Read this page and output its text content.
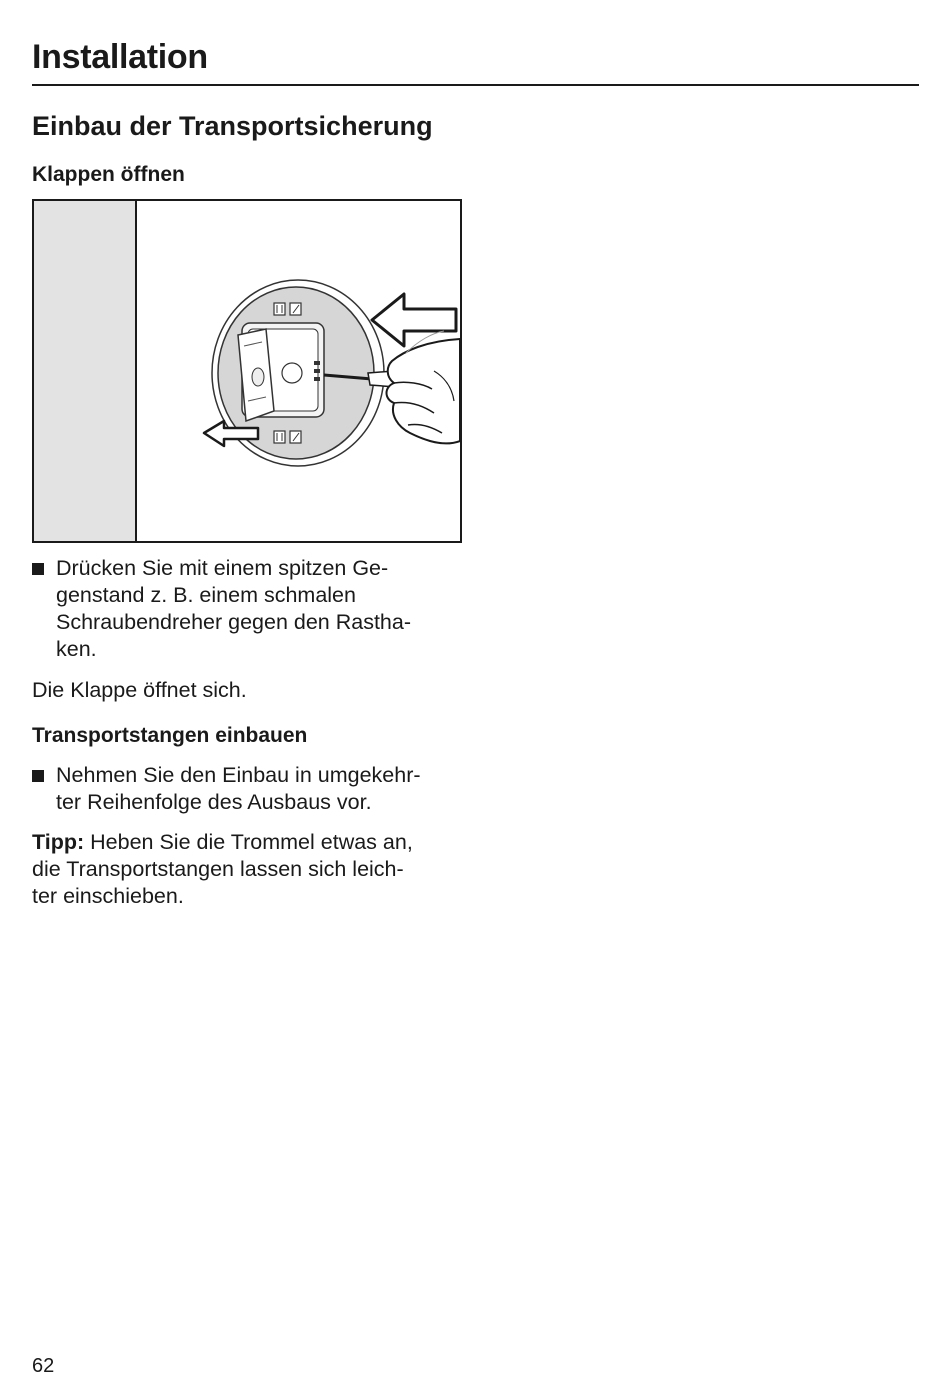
Installation
Einbau der Transportsicherung
Klappen öffnen
Drücken Sie mit einem spitzen Ge-
genstand z. B. einem schmalen
Schraubendreher gegen den Rastha-
ken.
Die Klappe öffnet sich.
Transportstangen einbauen
Nehmen Sie den Einbau in umgekehr-
ter Reihenfolge des Ausbaus vor.
Tipp: Heben Sie die Trommel etwas an,
die Transportstangen lassen sich leich-
ter einschieben.
62
